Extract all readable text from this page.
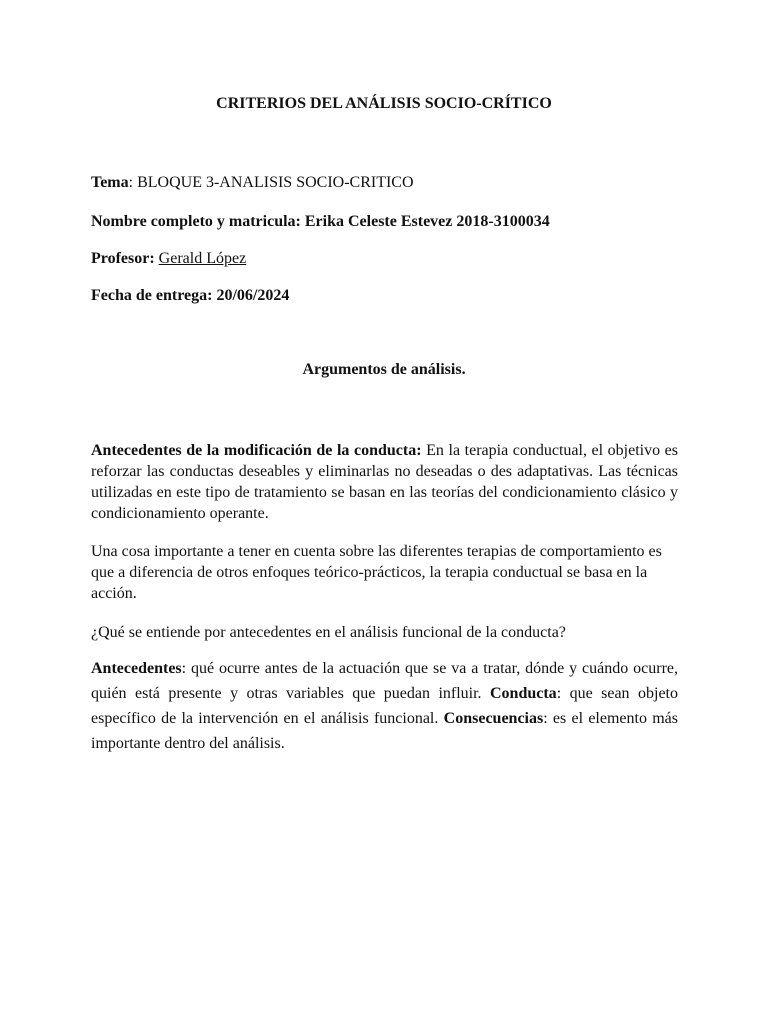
CRITERIOS DEL ANÁLISIS SOCIO-CRÍTICO
Tema: BLOQUE 3-ANALISIS SOCIO-CRITICO
Nombre completo y matricula: Erika Celeste Estevez 2018-3100034
Profesor: Gerald López
Fecha de entrega: 20/06/2024
Argumentos de análisis.
Antecedentes de la modificación de la conducta: En la terapia conductual, el objetivo es reforzar las conductas deseables y eliminarlas no deseadas o des adaptativas. Las técnicas utilizadas en este tipo de tratamiento se basan en las teorías del condicionamiento clásico y condicionamiento operante.
Una cosa importante a tener en cuenta sobre las diferentes terapias de comportamiento es que a diferencia de otros enfoques teórico-prácticos, la terapia conductual se basa en la acción.
¿Qué se entiende por antecedentes en el análisis funcional de la conducta?
Antecedentes: qué ocurre antes de la actuación que se va a tratar, dónde y cuándo ocurre, quién está presente y otras variables que puedan influir. Conducta: que sean objeto específico de la intervención en el análisis funcional. Consecuencias: es el elemento más importante dentro del análisis.
